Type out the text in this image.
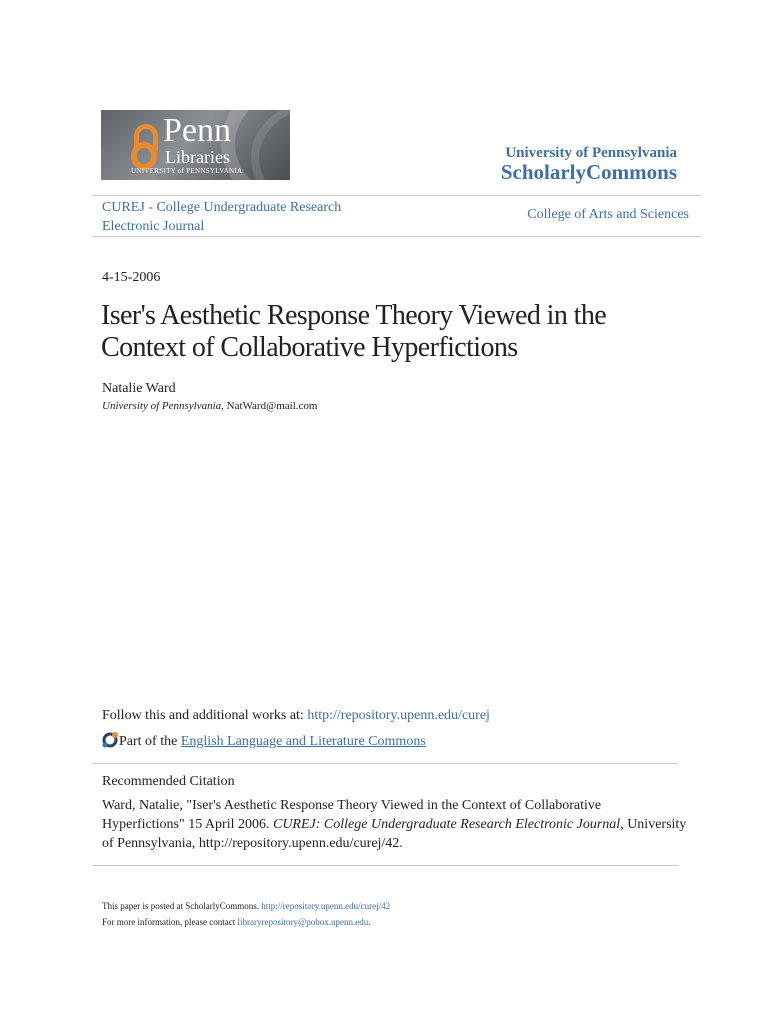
Penn
Libraries
UNIVERSITY of PENNSYLVANIA
University of Pennsylvania
ScholarlyCommons
CUREJ - College Undergraduate Research
Electronic Journal
College of Arts and Sciences
4-15-2006
Iser's Aesthetic Response Theory Viewed in the
Context of Collaborative Hyperfictions
Natalie Ward
University of Pennsylvania, NatWard@mail.com
Follow this and additional works at: http://repository.upenn.edu/curej
Part of the English Language and Literature Commons
Recommended Citation
Ward, Natalie, "Iser's Aesthetic Response Theory Viewed in the Context of Collaborative
Hyperfictions" 15 April 2006. CUREJ: College Undergraduate Research Electronic Journal, University
of Pennsylvania, http://repository.upenn.edu/curej/42.
This paper is posted at ScholarlyCommons. http://repository.upenn.edu/curej/42
For more information, please contact libraryrepository@pobox.upenn.edu.
